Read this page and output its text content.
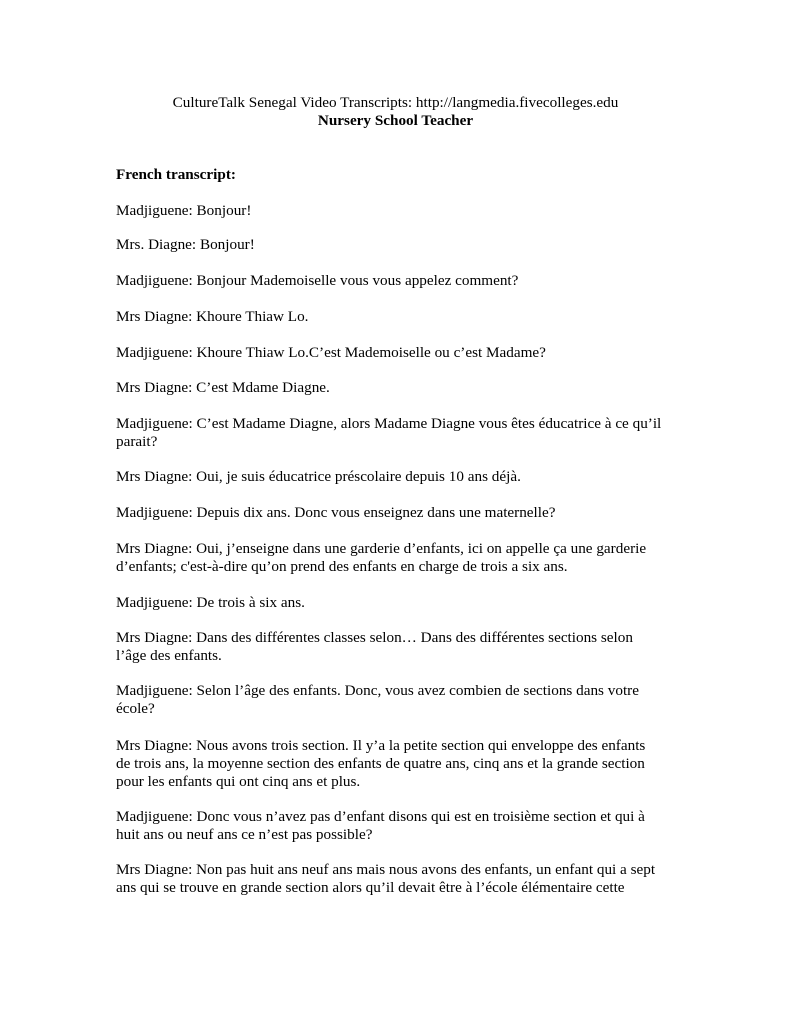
CultureTalk Senegal Video Transcripts: http://langmedia.fivecolleges.edu
Nursery School Teacher
French transcript:
Madjiguene: Bonjour!
Mrs. Diagne: Bonjour!
Madjiguene: Bonjour Mademoiselle vous vous appelez comment?
Mrs Diagne: Khoure Thiaw Lo.
Madjiguene: Khoure Thiaw Lo.C’est Mademoiselle ou c’est Madame?
Mrs Diagne: C’est Mdame Diagne.
Madjiguene: C’est Madame Diagne, alors Madame Diagne vous êtes éducatrice à ce qu’il
parait?
Mrs Diagne: Oui, je suis éducatrice préscolaire depuis 10 ans déjà.
Madjiguene: Depuis dix ans. Donc vous enseignez dans une maternelle?
Mrs Diagne: Oui, j’enseigne dans une garderie d’enfants, ici on appelle ça une garderie
d’enfants; c'est-à-dire qu’on prend des enfants en charge de trois a six ans.
Madjiguene: De trois à six ans.
Mrs Diagne: Dans des différentes classes selon… Dans des différentes sections selon
l’âge des enfants.
Madjiguene: Selon l’âge des enfants. Donc, vous avez combien de sections dans votre
école?
Mrs Diagne: Nous avons trois section. Il y’a la petite section qui enveloppe des enfants
de trois ans, la moyenne section des enfants de quatre ans, cinq ans et la grande section
pour les enfants qui ont cinq ans et plus.
Madjiguene: Donc vous n’avez pas d’enfant disons qui est en troisième section et qui à
huit ans ou neuf ans ce n’est pas possible?
Mrs Diagne: Non pas huit ans neuf ans mais nous avons des enfants, un enfant qui a sept
ans qui se trouve en grande section alors qu’il devait être à l’école élémentaire cette
